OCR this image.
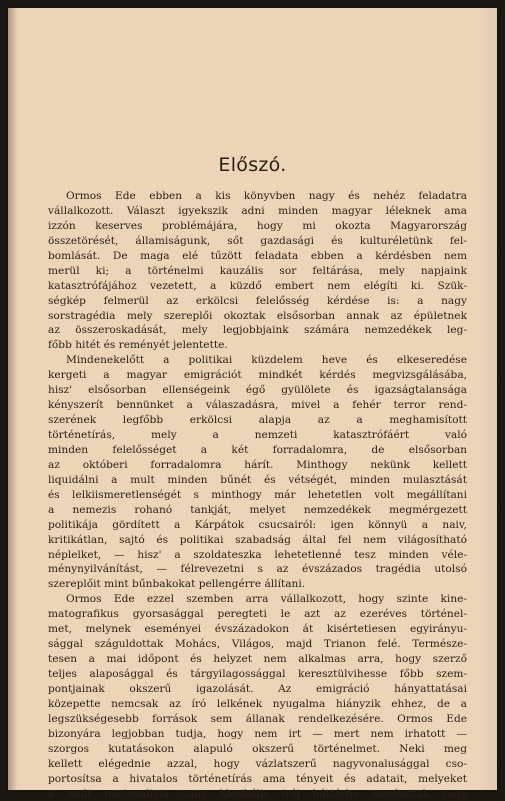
Előszó.
Ormos Ede ebben a kis könyvben nagy és nehéz feladatra
vállalkozott. Választ igyekszik adni minden magyar léleknek ama
izzón keserves problémájára, hogy mi okozta Magyarország
összetörését, államiságunk, sőt gazdasági és kulturéletünk fel-
bomlását. De maga elé tűzött feladata ebben a kérdésben nem
merül ki; a történelmi kauzális sor feltárása, mely napjaink
katasztrófájához vezetett, a küzdő embert nem elégíti ki. Szük-
ségkép felmerül az erkölcsi felelősség kérdése is: a nagy
sorstragédia mely szereplői okoztak elsősorban annak az épületnek
az összeroskadását, mely legjobbjaink számára nemzedékek leg-
főbb hitét és reményét jelentette.
Mindenekelőtt a politikai küzdelem heve és elkeseredése
kergeti a magyar emigrációt mindkét kérdés megvizsgálásába,
hisz' elsősorban ellenségeink égő gyülölete és igazságtalansága
kényszerít bennünket a válaszadásra, mivel a fehér terror rend-
szerének legfőbb erkölcsi alapja az a meghamisított
történetírás, mely a nemzeti katasztrófáért való
minden felelősséget a két forradalomra, de elsősorban
az októberi forradalomra hárít. Minthogy nekünk kellett
liquidálni a mult minden bűnét és vétségét, minden mulasztását
és lelkiismeretlenségét s minthogy már lehetetlen volt megállítani
a nemezis rohanó tankját, melyet nemzedékek megmérgezett
politikája gördített a Kárpátok csucsairól: igen könnyü a naiv,
kritikátlan, sajtó és politikai szabadság által fel nem világosítható
néplelket, — hisz' a szoldateszka lehetetlenné tesz minden véle-
ménynyilvánítást, — félrevezetni s az évszázados tragédia utolsó
szereplőit mint bűnbakokat pellengérre állítani.
Ormos Ede ezzel szemben arra vállalkozott, hogy szinte kine-
matografikus gyorsasággal peregteti le azt az ezeréves történel-
met, melynek eseményei évszázadokon át kisértetiesen egyirányu-
sággal száguldottak Mohács, Világos, majd Trianon felé. Természe-
tesen a mai időpont és helyzet nem alkalmas arra, hogy szerző
teljes alaposággal és tárgyilagossággal keresztülvihesse főbb szem-
pontjainak okszerű igazolását. Az emigráció hányattatásai
közepette nemcsak az író lelkének nyugalma hiányzik ehhez, de a
legszükségesebb források sem állanak rendelkezésére. Ormos Ede
bizonyára legjobban tudja, hogy nem irt — mert nem irhatott —
szorgos kutatásokon alapuló okszerű történelmet. Neki meg
kellett elégednie azzal, hogy vázlatszerű nagyvonalusággal cso-
portosítsa a hivatalos történetírás ama tényeit és adatait, melyeket
a mult nacionalista vagy klerikális irói háttérbe szorítottak vagy
